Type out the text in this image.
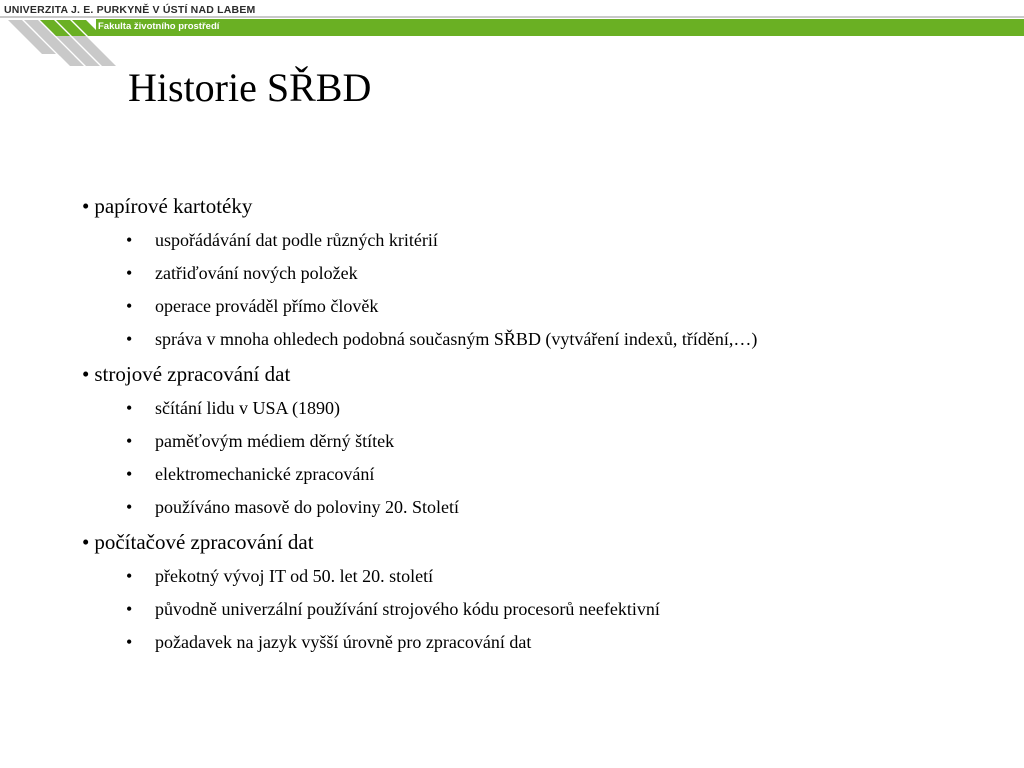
UNIVERZITA J. E. PURKYNĚ V ÚSTÍ NAD LABEM
Fakulta životního prostředí
Historie SŘBD

• papírové kartotéky

• uspořádávání dat podle různých kritérií

• zatřiďování nových položek

• operace prováděl přímo člověk

• správa v mnoha ohledech podobná současným SŘBD (vytváření indexů, třídění,…)

• strojové zpracování dat

• sčítání lidu v USA (1890)

• paměťovým médiem děrný štítek

• elektromechanické zpracování

• používáno masově do poloviny 20. Století

• počítačové zpracování dat

• překotný vývoj IT od 50. let 20. století

• původně univerzální používání strojového kódu procesorů neefektivní

• požadavek na jazyk vyšší úrovně pro zpracování dat
